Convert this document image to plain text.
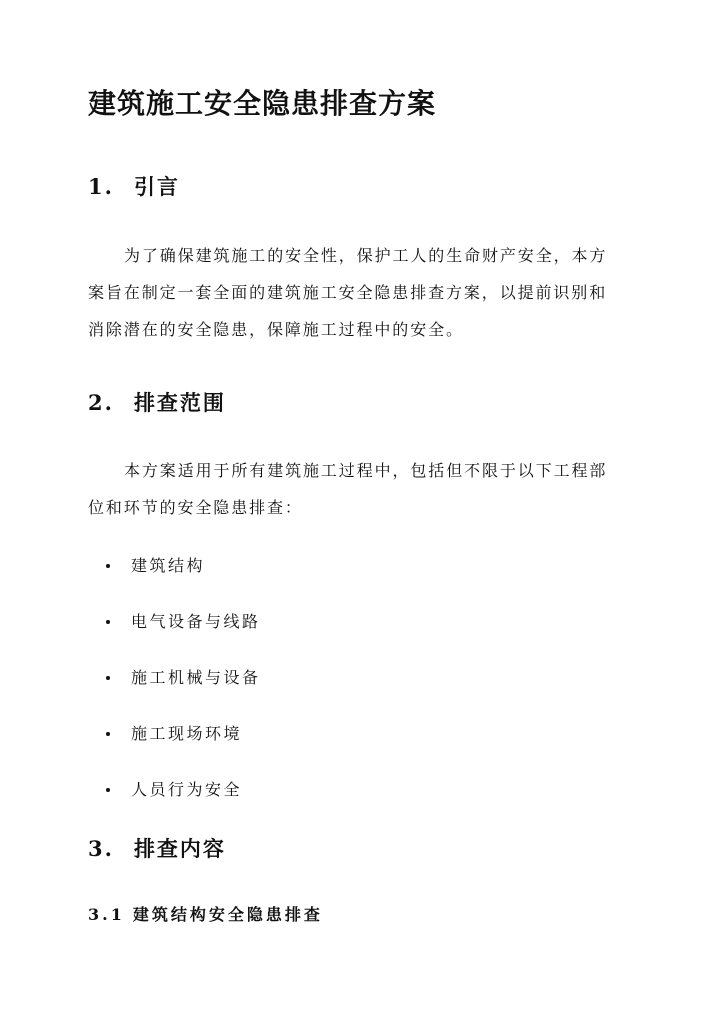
建筑施工安全隐患排查方案
1. 引言
为了确保建筑施工的安全性，保护工人的生命财产安全，本方
案旨在制定一套全面的建筑施工安全隐患排查方案，以提前识别和
消除潜在的安全隐患，保障施工过程中的安全。
2. 排查范围
本方案适用于所有建筑施工过程中，包括但不限于以下工程部
位和环节的安全隐患排查：
建筑结构
电气设备与线路
施工机械与设备
施工现场环境
人员行为安全
3. 排查内容
3.1 建筑结构安全隐患排查
